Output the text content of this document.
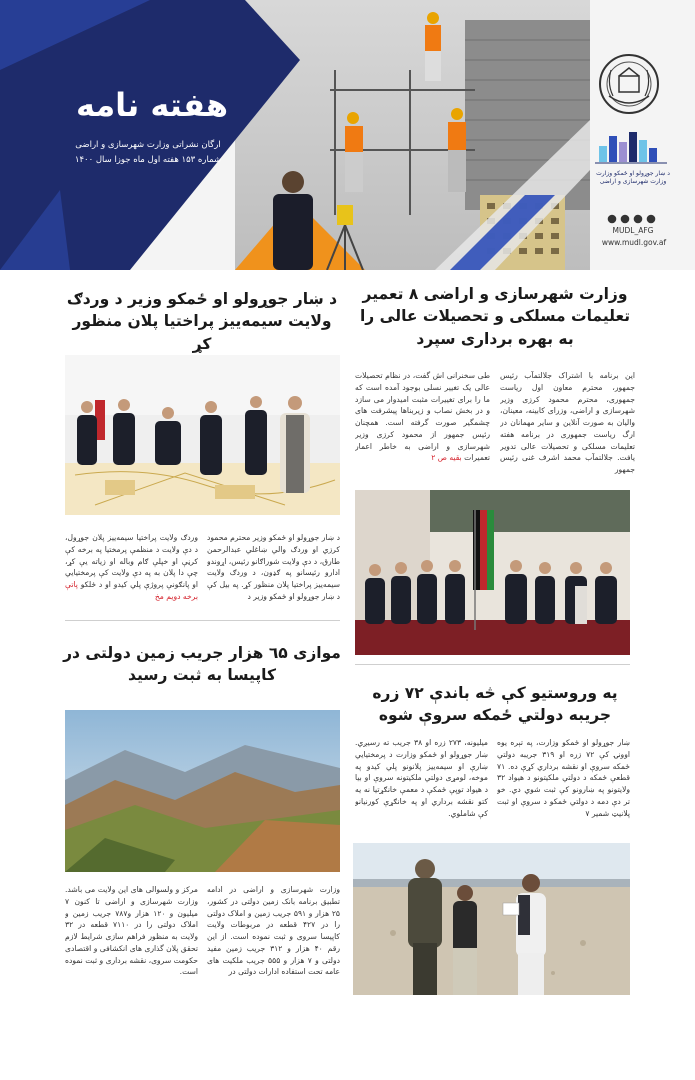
هفته نامه
ارگان نشراتی وزارت شهرسازی و اراضی
شماره ۱۵۳ هفته اول ماه جوزا سال ۱۴۰۰
د ښار جوړولو او ځمکو وزارت
وزارت شهرسازی و اراضی
MUDL_AFG
www.mudl.gov.af
وزارت شهرسازی و اراضی ۸ تعمیر تعلیمات مسلکی و تحصیلات عالی را به بهره برداری سپرد
این برنامه با اشتراک جلالتمآب رئیس جمهور، محترم معاون اول ریاست جمهوری، محترم محمود کرزی وزیر شهرسازی و اراضی، وزرای کابینه، معینان، والیان به صورت آنلاین و سایر مهمانان در ارگ ریاست جمهوری در برنامه هفته تعلیمات مسلکی و تحصیلات عالی تدویر یافت. جلالتمآب محمد اشرف غنی رئیس جمهور
طی سخنرانی اش گفت، در نظام تحصیلات عالی یک تغییر نسلی بوجود آمده است که ما را برای تغییرات مثبت امیدوار می سازد و در بخش نصاب و زیربناها پیشرفت های چشمگیر صورت گرفته است. همچنان رئیس جمهور از محمود کرزی وزیر شهرسازی و اراضی به خاطر اعمار تعمیرات بقیه ص ۲
د ښار جوړولو او ځمکو وزير د وردګ ولايت سيمه‌ييز پراختيا پلان منظور کړ
د ښار جوړولو او ځمکو وزير محترم محمود کرزي او وردګ والي ښاغلي عبدالرحمن طارق، د دې ولايت شوراګانو رئيس، اړوندو ادارو رئيسانو په ګډون، د وردګ ولايت سيمه‌ييز پراختيا پلان منظور کړ. په بيل کې د ښار جوړولو او ځمکو وزير د
وردګ ولايت پراختيا سيمه‌ييز پلان جوړول، د دې ولايت د منظمې پرمختيا په برخه کې کرڼې او خپلې ګام وباله او زياته يې کړ، چې دا پلان به په دې ولايت کې پرمختيايي او پانګونې پروژې پلي کيدو او د ځلکو پاتې برخه دويم مخ
موازی ٦۵ هزار جریب زمین دولتی در کاپیسا به ثبت رسید
وزارت شهرسازی و اراضی در ادامه تطبیق برنامه بانک زمین دولتی در کشور، ۲۵ هزار و ۵۹۱ جریب زمین و املاک دولتی را در ۴۲۷ قطعه در مربوطات ولایت کاپیسا سروی و ثبت نموده است. از این رقم ۴۰ هزار و ۳۱۲ جریب زمین مفید دولتی و ۷ هزار و ۵۵۵ جریب ملکیت های عامه تحت استفاده ادارات دولتی در
مرکز و ولسوالی های این ولایت می باشد. وزارت شهرسازی و اراضی تا کنون ۷ میلیون و ۱۲۰ هزار و۷۸۷ جریب زمین و املاک دولتی را در ۷۱۱۰ قطعه در ۳۲ ولایت به منظور فراهم سازی شرایط لازم تحقق پلان گذاری های انکشافی و اقتصادی حکومت سروی، نقشه برداری و ثبت نموده است.
په وروستيو کې څه باندې ۷۲ زره جريبه دولتي ځمکه سروې شوه
ښار جوړولو او ځمکو وزارت، په تېره يوه اوونۍ کې ۷۲ زره او ۳۱۹ جريبه دولتي ځمکه سروې او نقشه برداري کړې ده. ۷۱ قطعې ځمکه د دولتي ملکيتونو د هيواد ۳۲ ولايتونو په ښارونو کې ثبت شوي دي. خو تر دې دمه د دولتي ځمکو د سروې او ثبت پلانيټ شمير ۷
ميليونه، ۲۷۳ زره او ۳۸ جريب ته رسيږي. ښار جوړولو او ځمکو وزارت د پرمختيايي ښارې او سيمه‌ييز پلانونو پلي کيدو په موخه، لومړی دولتي ملکيتونه سروې او بيا د هيواد توپې ځمکې د معمې خانګړتيا نه يه کتو نقشه برداري او په خانګړې کورنيانو کې شاملوي.
